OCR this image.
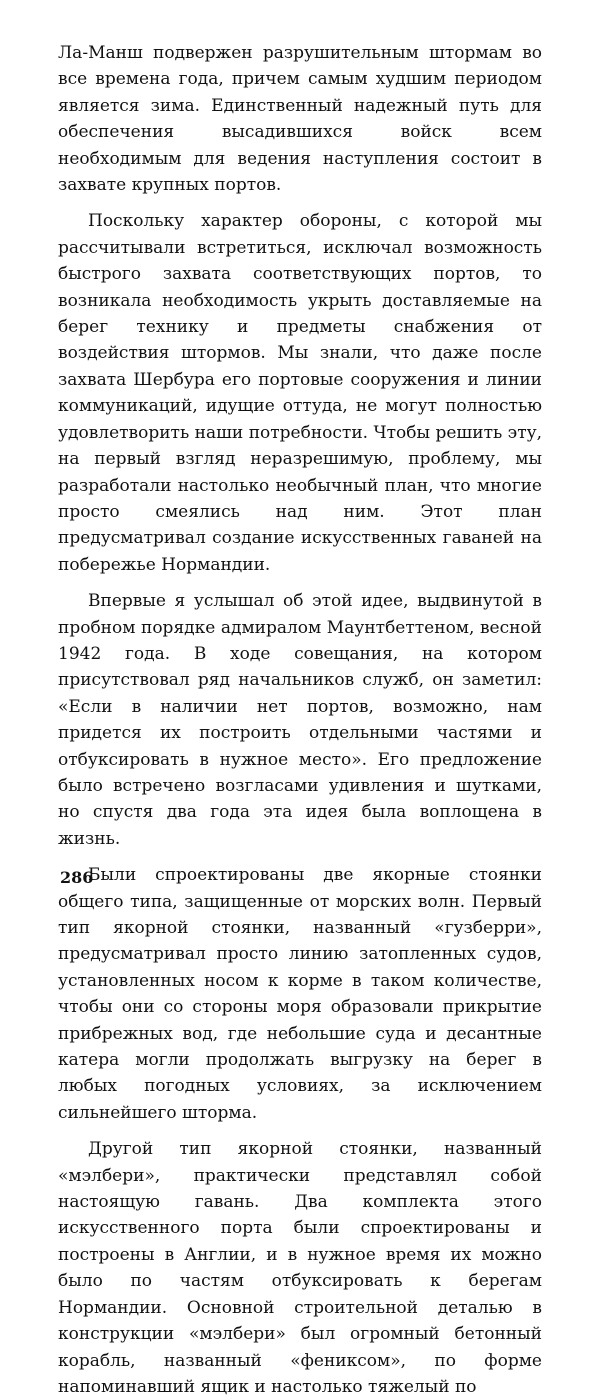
Ла-Манш подвержен разрушительным штормам во все времена года, причем самым худшим периодом является зима. Единственный надежный путь для обеспечения высадившихся войск всем необходимым для ведения наступления состоит в захвате крупных портов.

Поскольку характер обороны, с которой мы рассчитывали встретиться, исключал возможность быстрого захвата соответствующих портов, то возникала необходимость укрыть доставляемые на берег технику и предметы снабжения от воздействия штормов. Мы знали, что даже после захвата Шербура его портовые сооружения и линии коммуникаций, идущие оттуда, не могут полностью удовлетворить наши потребности. Чтобы решить эту, на первый взгляд неразрешимую, проблему, мы разработали настолько необычный план, что многие просто смеялись над ним. Этот план предусматривал создание искусственных гаваней на побережье Нормандии.

Впервые я услышал об этой идее, выдвинутой в пробном порядке адмиралом Маунтбеттеном, весной 1942 года. В ходе совещания, на котором присутствовал ряд начальников служб, он заметил: «Если в наличии нет портов, возможно, нам придется их построить отдельными частями и отбуксировать в нужное место». Его предложение было встречено возгласами удивления и шутками, но спустя два года эта идея была воплощена в жизнь.

Были спроектированы две якорные стоянки общего типа, защищенные от морских волн. Первый тип якорной стоянки, названный «гузберри», предусматривал просто линию затопленных судов, установленных носом к корме в таком количестве, чтобы они со стороны моря образовали прикрытие прибрежных вод, где небольшие суда и десантные катера могли продолжать выгрузку на берег в любых погодных условиях, за исключением сильнейшего шторма.

Другой тип якорной стоянки, названный «мэлбери», практически представлял собой настоящую гавань. Два комплекта этого искусственного порта были спроектированы и построены в Англии, и в нужное время их можно было по частям отбуксировать к берегам Нормандии. Основной строительной деталью в конструкции «мэлбери» был огромный бетонный корабль, названный «фениксом», по форме напоминавший ящик и настолько тяжелый по

286
